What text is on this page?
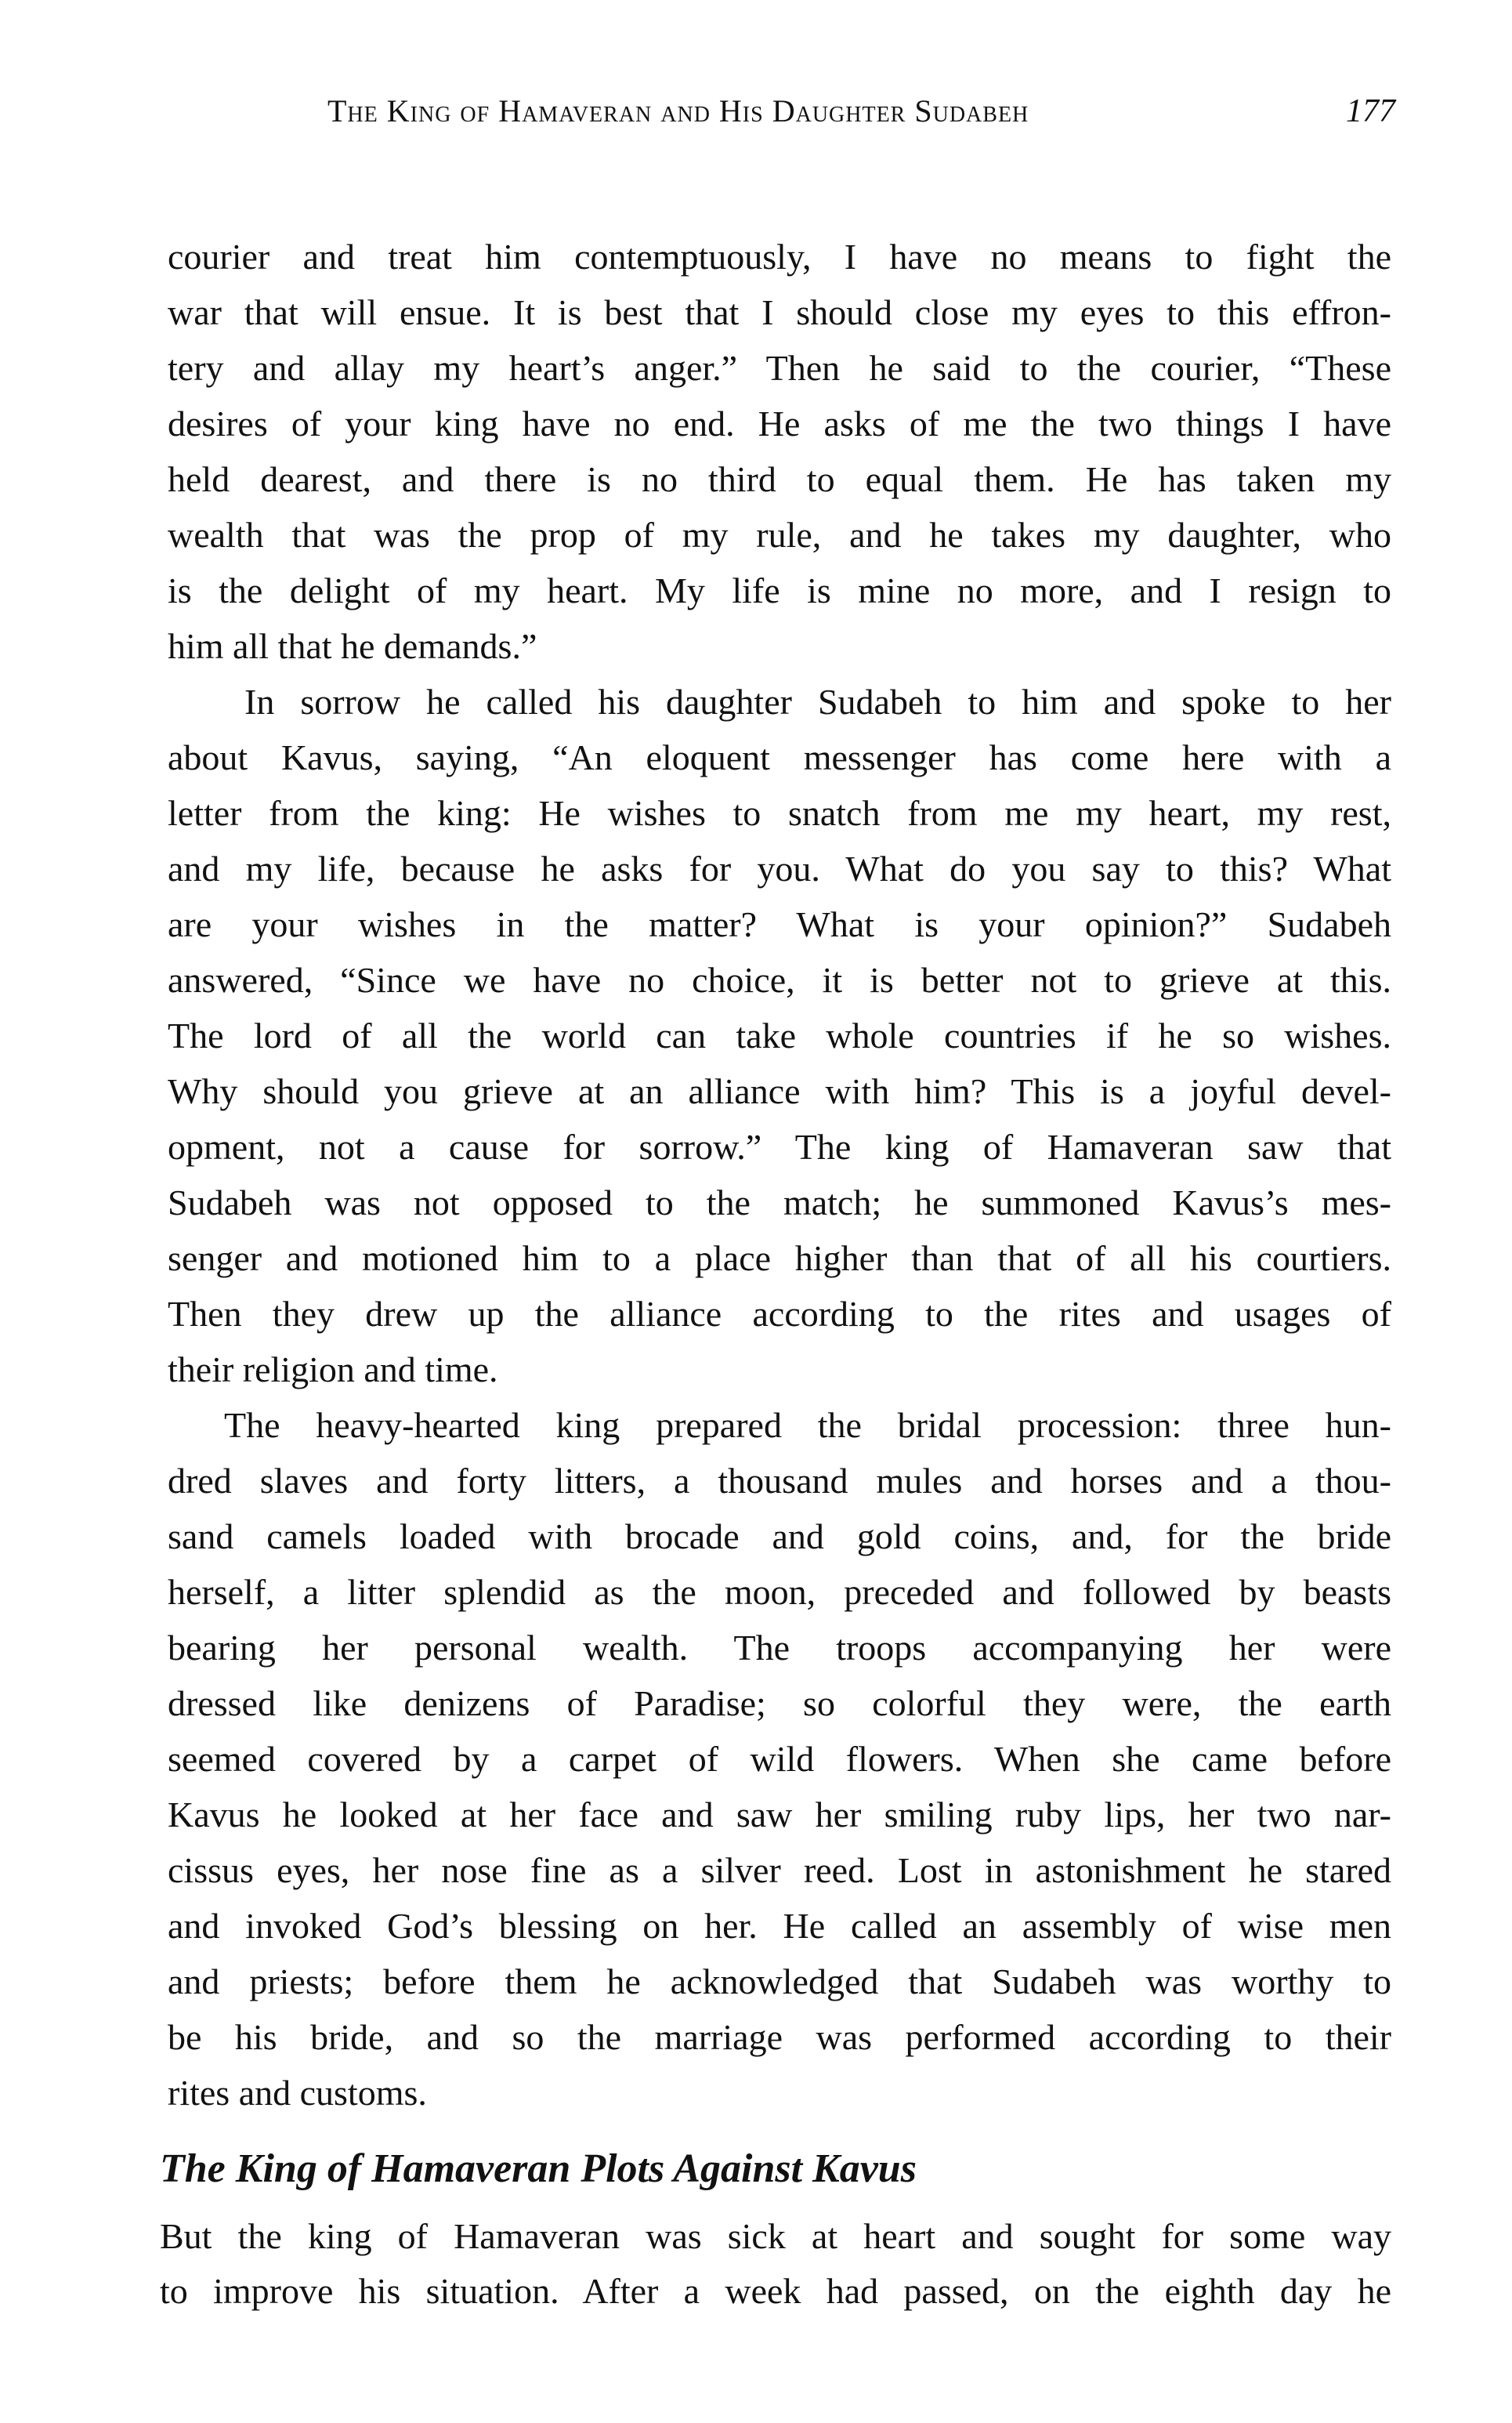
The King of Hamaveran and His Daughter Sudabeh	177
courier and treat him contemptuously, I have no means to fight the
war that will ensue. It is best that I should close my eyes to this effron-
tery and allay my heart’s anger.” Then he said to the courier, “These
desires of your king have no end. He asks of me the two things I have
held dearest, and there is no third to equal them. He has taken my
wealth that was the prop of my rule, and he takes my daughter, who
is the delight of my heart. My life is mine no more, and I resign to
him all that he demands.”
In sorrow he called his daughter Sudabeh to him and spoke to her
about Kavus, saying, “An eloquent messenger has come here with a
letter from the king: He wishes to snatch from me my heart, my rest,
and my life, because he asks for you. What do you say to this? What
are your wishes in the matter? What is your opinion?” Sudabeh
answered, “Since we have no choice, it is better not to grieve at this.
The lord of all the world can take whole countries if he so wishes.
Why should you grieve at an alliance with him? This is a joyful devel-
opment, not a cause for sorrow.” The king of Hamaveran saw that
Sudabeh was not opposed to the match; he summoned Kavus’s mes-
senger and motioned him to a place higher than that of all his courtiers.
Then they drew up the alliance according to the rites and usages of
their religion and time.
The heavy-hearted king prepared the bridal procession: three hun-
dred slaves and forty litters, a thousand mules and horses and a thou-
sand camels loaded with brocade and gold coins, and, for the bride
herself, a litter splendid as the moon, preceded and followed by beasts
bearing her personal wealth. The troops accompanying her were
dressed like denizens of Paradise; so colorful they were, the earth
seemed covered by a carpet of wild flowers. When she came before
Kavus he looked at her face and saw her smiling ruby lips, her two nar-
cissus eyes, her nose fine as a silver reed. Lost in astonishment he stared
and invoked God’s blessing on her. He called an assembly of wise men
and priests; before them he acknowledged that Sudabeh was worthy to
be his bride, and so the marriage was performed according to their
rites and customs.
The King of Hamaveran Plots Against Kavus
But the king of Hamaveran was sick at heart and sought for some way
to improve his situation. After a week had passed, on the eighth day he
